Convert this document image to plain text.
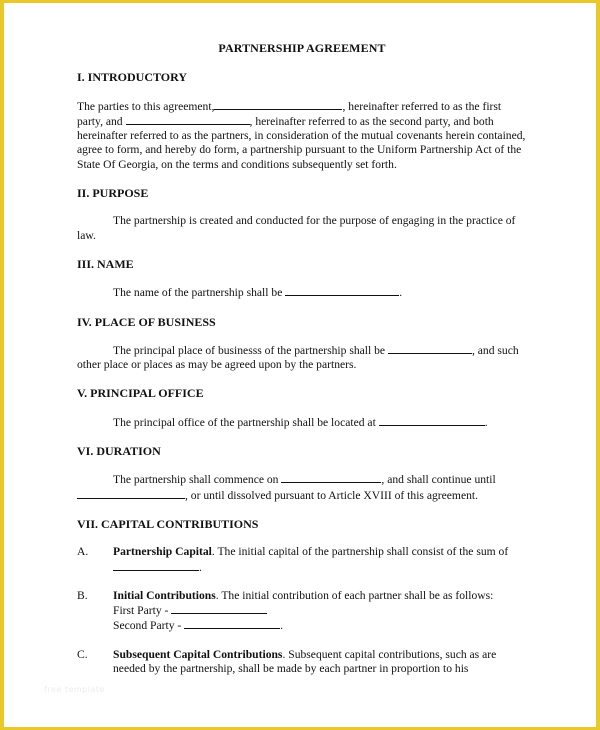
PARTNERSHIP AGREEMENT
I. INTRODUCTORY
The parties to this agreement,	, hereinafter referred to as the first party, and	, hereinafter referred to as the second party, and both hereinafter referred to as the partners, in consideration of the mutual covenants herein contained, agree to form, and hereby do form, a partnership pursuant to the Uniform Partnership Act of the State Of Georgia, on the terms and conditions subsequently set forth.
II. PURPOSE
The partnership is created and conducted for the purpose of engaging in the practice of law.
III. NAME
The name of the partnership shall be	.
IV. PLACE OF BUSINESS
The principal place of businesss of the partnership shall be	, and such other place or places as may be agreed upon by the partners.
V. PRINCIPAL OFFICE
The principal office of the partnership shall be located at	.
VI. DURATION
The partnership shall commence on	, and shall continue until , or until dissolved pursuant to Article XVIII of this agreement.
VII. CAPITAL CONTRIBUTIONS
A.	Partnership Capital. The initial capital of the partnership shall consist of the sum of .
B.	Initial Contributions. The initial contribution of each partner shall be as follows:
First Party -
Second Party -	.
C.	Subsequent Capital Contributions. Subsequent capital contributions, such as are needed by the partnership, shall be made by each partner in proportion to his
free template
